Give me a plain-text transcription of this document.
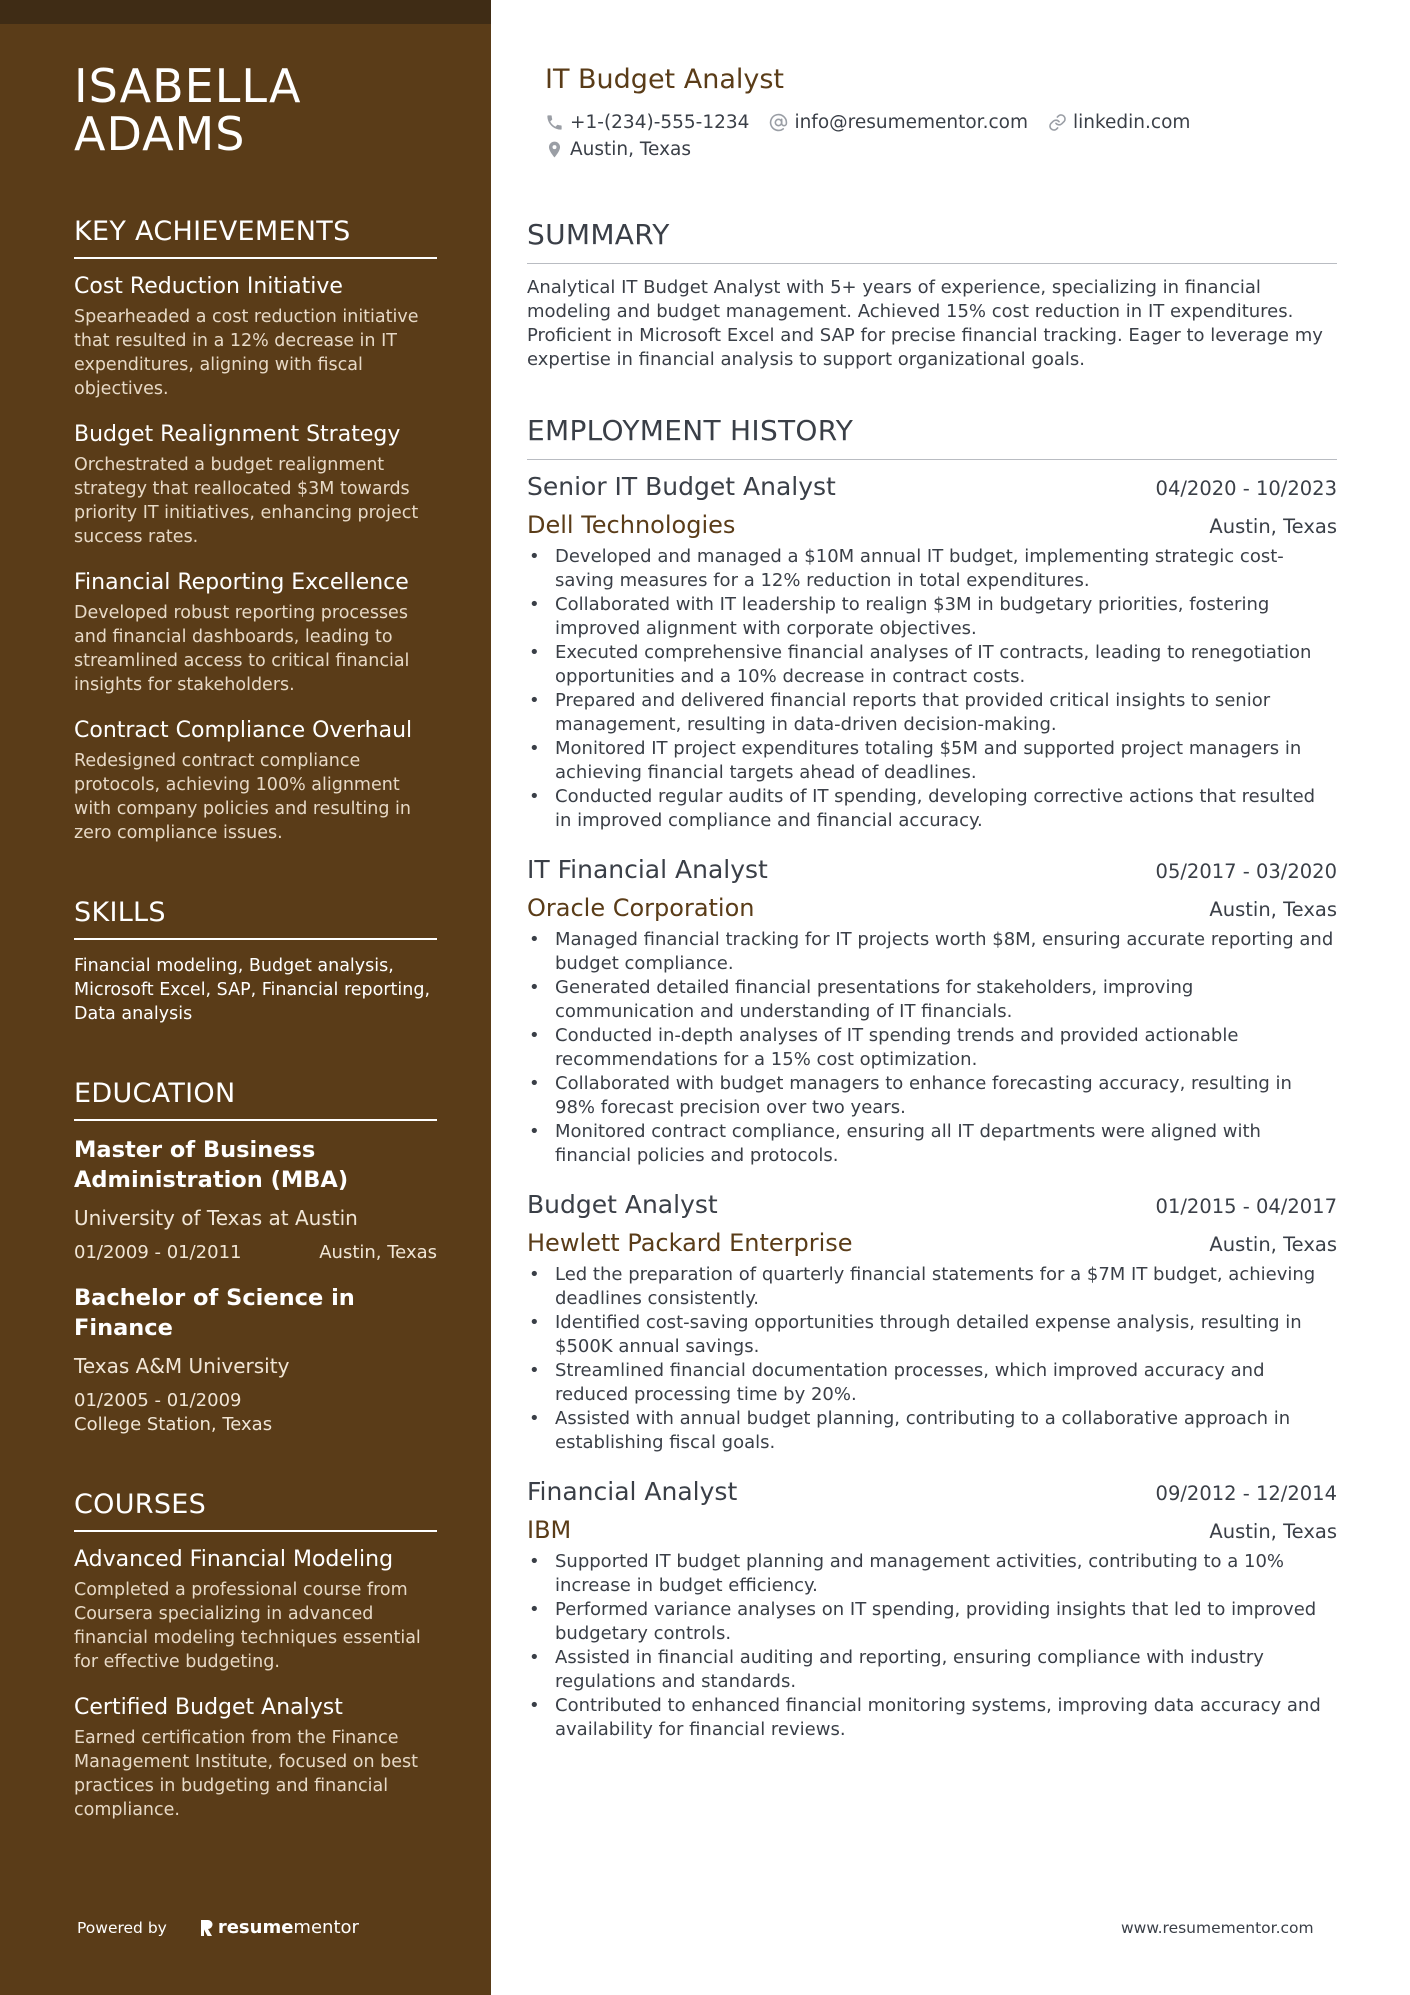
ISABELLA
ADAMS
KEY ACHIEVEMENTS
Cost Reduction Initiative
Spearheaded a cost reduction initiative that resulted in a 12% decrease in IT expenditures, aligning with fiscal objectives.
Budget Realignment Strategy
Orchestrated a budget realignment strategy that reallocated $3M towards priority IT initiatives, enhancing project success rates.
Financial Reporting Excellence
Developed robust reporting processes and financial dashboards, leading to streamlined access to critical financial insights for stakeholders.
Contract Compliance Overhaul
Redesigned contract compliance protocols, achieving 100% alignment with company policies and resulting in zero compliance issues.
SKILLS
Financial modeling, Budget analysis, Microsoft Excel, SAP, Financial reporting, Data analysis
EDUCATION
Master of Business Administration (MBA)
University of Texas at Austin
01/2009 - 01/2011	Austin, Texas
Bachelor of Science in Finance
Texas A&M University
01/2005 - 01/2009
College Station, Texas
COURSES
Advanced Financial Modeling
Completed a professional course from Coursera specializing in advanced financial modeling techniques essential for effective budgeting.
Certified Budget Analyst
Earned certification from the Finance Management Institute, focused on best practices in budgeting and financial compliance.
Powered by	resume mentor
IT Budget Analyst
+1-(234)-555-1234 info@resumementor.com linkedin.com
Austin, Texas
SUMMARY

Analytical IT Budget Analyst with 5+ years of experience, specializing in financial modeling and budget management. Achieved 15% cost reduction in IT expenditures. Proficient in Microsoft Excel and SAP for precise financial tracking. Eager to leverage my expertise in financial analysis to support organizational goals.

EMPLOYMENT HISTORY
Senior IT Budget Analyst	04/2020 - 10/2023
Dell Technologies	Austin, Texas
• Developed and managed a $10M annual IT budget, implementing strategic cost-saving measures for a 12% reduction in total expenditures.
• Collaborated with IT leadership to realign $3M in budgetary priorities, fostering improved alignment with corporate objectives.
• Executed comprehensive financial analyses of IT contracts, leading to renegotiation opportunities and a 10% decrease in contract costs.
• Prepared and delivered financial reports that provided critical insights to senior management, resulting in data-driven decision-making.
• Monitored IT project expenditures totaling $5M and supported project managers in achieving financial targets ahead of deadlines.
• Conducted regular audits of IT spending, developing corrective actions that resulted in improved compliance and financial accuracy.
IT Financial Analyst	05/2017 - 03/2020
Oracle Corporation	Austin, Texas
• Managed financial tracking for IT projects worth $8M, ensuring accurate reporting and budget compliance.
• Generated detailed financial presentations for stakeholders, improving communication and understanding of IT financials.
• Conducted in-depth analyses of IT spending trends and provided actionable recommendations for a 15% cost optimization.
• Collaborated with budget managers to enhance forecasting accuracy, resulting in 98% forecast precision over two years.
• Monitored contract compliance, ensuring all IT departments were aligned with financial policies and protocols.
Budget Analyst	01/2015 - 04/2017
Hewlett Packard Enterprise	Austin, Texas
• Led the preparation of quarterly financial statements for a $7M IT budget, achieving deadlines consistently.
• Identified cost-saving opportunities through detailed expense analysis, resulting in $500K annual savings.
• Streamlined financial documentation processes, which improved accuracy and reduced processing time by 20%.
• Assisted with annual budget planning, contributing to a collaborative approach in establishing fiscal goals.
Financial Analyst	09/2012 - 12/2014
IBM	Austin, Texas
• Supported IT budget planning and management activities, contributing to a 10% increase in budget efficiency.
• Performed variance analyses on IT spending, providing insights that led to improved budgetary controls.
• Assisted in financial auditing and reporting, ensuring compliance with industry regulations and standards.
• Contributed to enhanced financial monitoring systems, improving data accuracy and availability for financial reviews.
www.resumementor.com
